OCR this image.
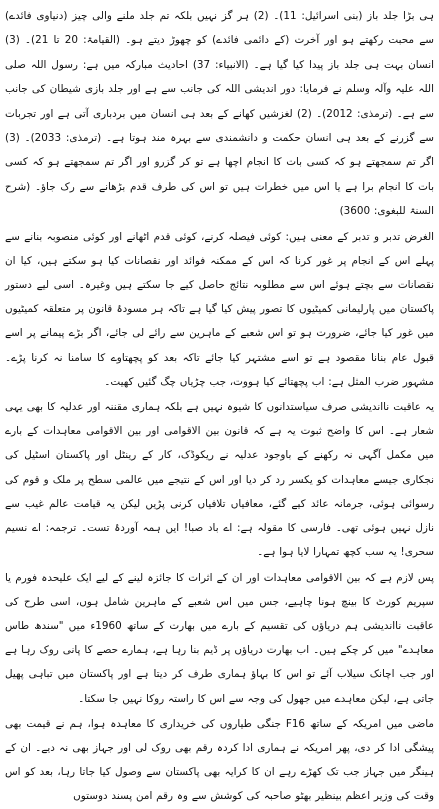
ہی بڑا جلد باز (بنی اسرائیل: 11)۔ (2) ہر گز نہیں بلکہ تم جلد ملنے والی چیز (دنیاوی فائدے) سے محبت رکھتے ہو اور آخرت (کے دائمی فائدے) کو چھوڑ دیتے ہو۔ (القیامۃ: 20 تا 21)۔ (3) انسان بہت ہی جلد باز پیدا کیا گیا ہے۔ (الانبیاء: 37) احادیث مبارکہ میں ہے: رسول اللہ صلی اللہ علیہ وآلہ وسلم نے فرمایا: دور اندیشی اللہ کی جانب سے ہے اور جلد بازی شیطان کی جانب سے ہے۔ (ترمذی: 2012)۔ (2) لغزشیں کھانے کے بعد ہی انسان میں بردباری آتی ہے اور تجربات سے گزرنے کے بعد ہی انسان حکمت و دانشمندی سے بہرہ مند ہوتا ہے۔ (ترمذی: 2033)۔ (3) اگر تم سمجھتے ہو کہ کسی بات کا انجام اچھا ہے تو کر گزرو اور اگر تم سمجھتے ہو کہ کسی بات کا انجام برا ہے یا اس میں خطرات ہیں تو اس کی طرف قدم بڑھانے سے رک جاؤ۔ (شرح السنۃ للبغوی: 3600)

الغرض تدبر و تدبر کے معنی ہیں: کوئی فیصلہ کرنے، کوئی قدم اٹھانے اور کوئی منصوبہ بنانے سے پہلے اس کے انجام پر غور کرنا کہ اس کے ممکنہ فوائد اور نقصانات کیا ہو سکتے ہیں، کیا ان نقصانات سے بچتے ہوئے اس سے مطلوبہ نتائج حاصل کیے جا سکتے ہیں وغیرہ۔ اسی لیے دستور پاکستان میں پارلیمانی کمیٹیوں کا تصور پیش کیا گیا ہے تاکہ ہر مسودۂ قانون پر متعلقہ کمیٹیوں میں غور کیا جائے، ضرورت ہو تو اس شعبے کے ماہرین سے رائے لی جائے، اگر بڑے پیمانے پر اسے قبول عام بنانا مقصود ہے تو اسے مشتہر کیا جائے تاکہ بعد کو پچھتاوے کا سامنا نہ کرنا پڑے۔ مشہور ضرب المثل ہے: اب پچھتائے کیا ہووت، جب چڑیاں چگ گئیں کھیت۔

یہ عاقبت نااندیشی صرف سیاستدانوں کا شیوہ نہیں ہے بلکہ ہماری مقننہ اور عدلیہ کا بھی یہی شعار ہے۔ اس کا واضح ثبوت یہ ہے کہ قانون بین الاقوامی اور بین الاقوامی معاہدات کے بارے میں مکمل آگہی نہ رکھنے کے باوجود عدلیہ نے ریکوڈک، کار کے رینٹل اور پاکستان اسٹیل کی نجکاری جیسے معاہدات کو یکسر رد کر دیا اور اس کے نتیجے میں عالمی سطح پر ملک و قوم کی رسوائی ہوئی، جرمانہ عائد کیے گئے، معافیاں تلافیاں کرنی پڑیں لیکن یہ قیامت عالم غیب سے نازل نہیں ہوئی تھی۔ فارسی کا مقولہ ہے: اے باد صبا! ایں ہمہ آوردۂ تست۔ ترجمہ: اے نسیم سحری! یہ سب کچھ تمہارا لایا ہوا ہے۔

پس لازم ہے کہ بین الاقوامی معاہدات اور ان کے اثرات کا جائزہ لینے کے لیے ایک علیحدہ فورم یا سپریم کورٹ کا بینچ ہونا چاہیے، جس میں اس شعبے کے ماہرین شامل ہوں، اسی طرح کی عاقبت نااندیشی ہم دریاؤں کی تقسیم کے بارے میں بھارت کے ساتھ 1960ء میں "سندھ طاس معاہدے" میں کر چکے ہیں۔ اب بھارت دریاؤں پر ڈیم بنا رہا ہے، ہمارے حصے کا پانی روک رہا ہے اور جب اچانک سیلاب آئے تو اس کا بہاؤ ہماری طرف کر دیتا ہے اور پاکستان میں تباہی پھیل جاتی ہے، لیکن معاہدے میں جھول کی وجہ سے اس کا راستہ روکا نہیں جا سکتا۔

ماضی میں امریکہ کے ساتھ F16 جنگی طیاروں کی خریداری کا معاہدہ ہوا، ہم نے قیمت بھی پیشگی ادا کر دی، پھر امریکہ نے ہماری ادا کردہ رقم بھی روک لی اور جہاز بھی نہ دیے۔ ان کے ہینگر میں جہاز جب تک کھڑے رہے ان کا کرایہ بھی پاکستان سے وصول کیا جاتا رہا، بعد کو اس وقت کی وزیر اعظم بینظیر بھٹو صاحبہ کی کوشش سے وہ رقم امن پسند دوستوں
